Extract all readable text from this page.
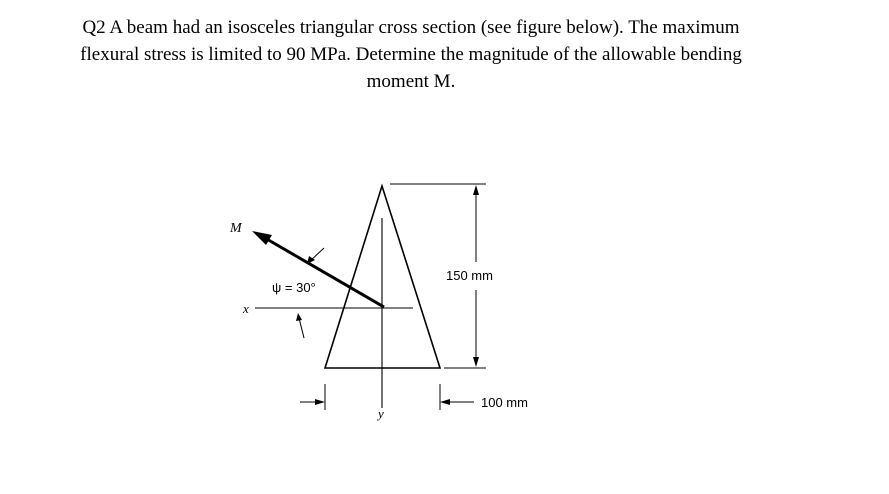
Q2 A beam had an isosceles triangular cross section (see figure below). The maximum
flexural stress is limited to 90 MPa. Determine the magnitude of the allowable bending
moment M.
M
ψ = 30°
x
y
150 mm
100 mm
